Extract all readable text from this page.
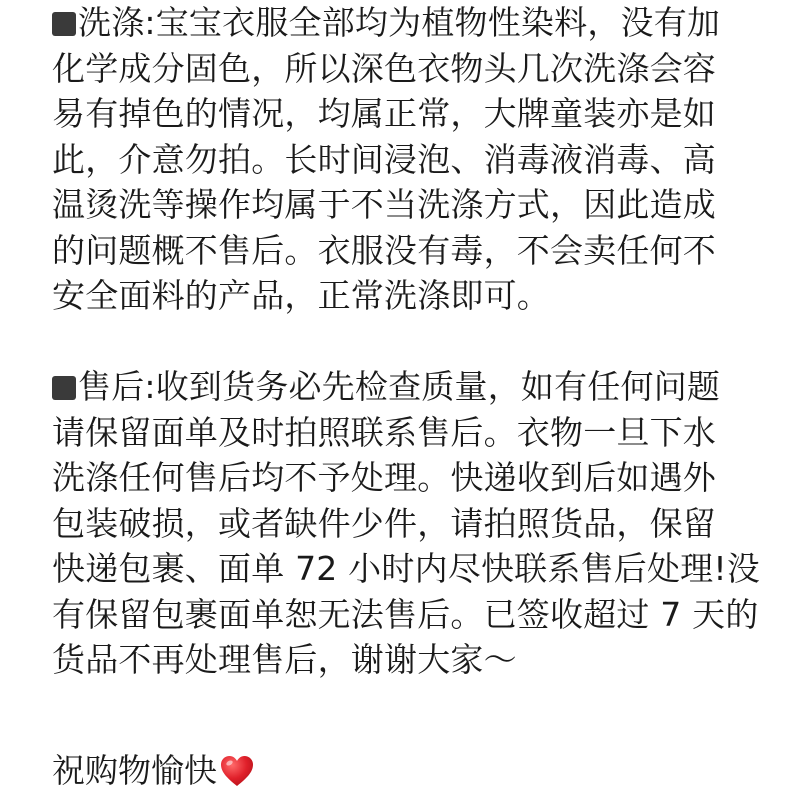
洗涤:宝宝衣服全部均为植物性染料，没有加
化学成分固色，所以深色衣物头几次洗涤会容
易有掉色的情况，均属正常，大牌童装亦是如
此，介意勿拍。长时间浸泡、消毒液消毒、高
温烫洗等操作均属于不当洗涤方式，因此造成
的问题概不售后。衣服没有毒，不会卖任何不
安全面料的产品，正常洗涤即可。
售后:收到货务必先检查质量，如有任何问题
请保留面单及时拍照联系售后。衣物一旦下水
洗涤任何售后均不予处理。快递收到后如遇外
包装破损，或者缺件少件，请拍照货品，保留
快递包裹、面单 72 小时内尽快联系售后处理!没
有保留包裹面单恕无法售后。已签收超过 7 天的
货品不再处理售后，谢谢大家～
祝购物愉快
